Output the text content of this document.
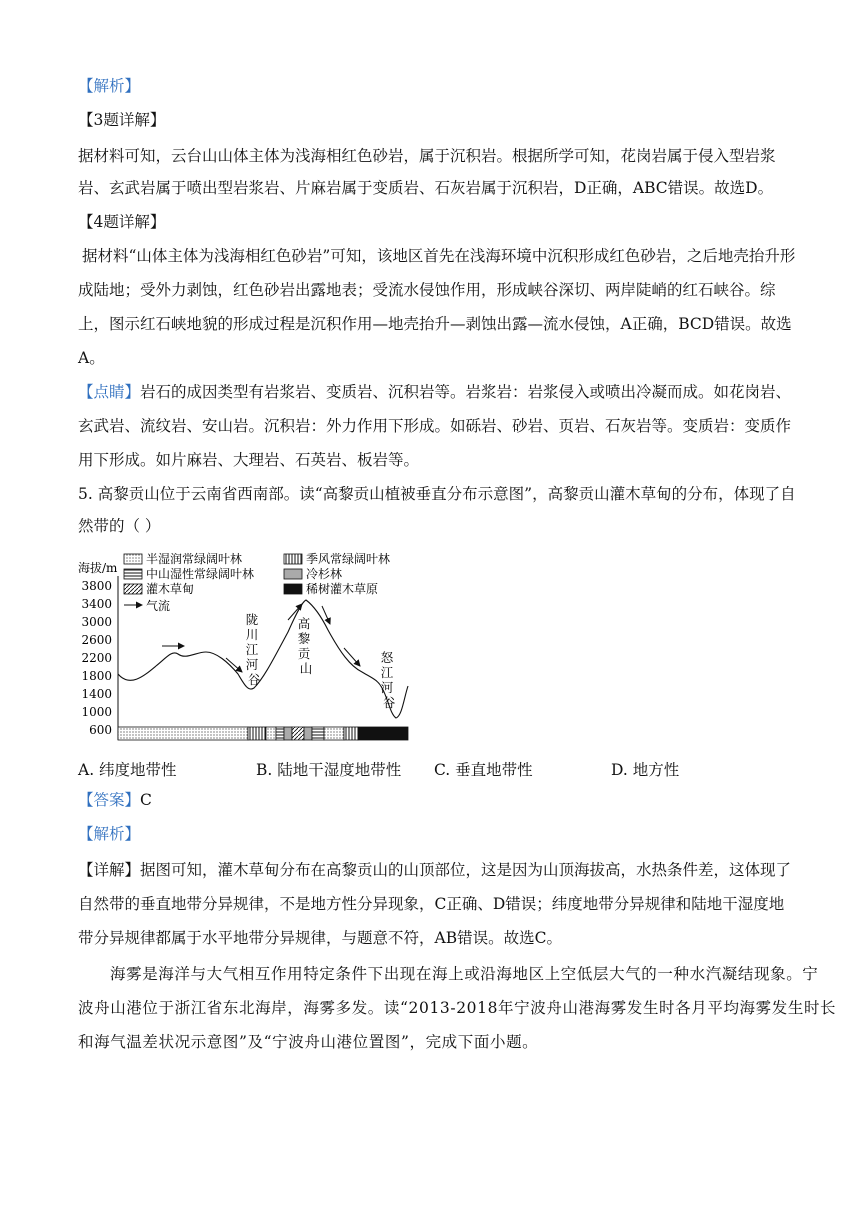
【解析】
【3题详解】
据材料可知，云台山山体主体为浅海相红色砂岩，属于沉积岩。根据所学可知，花岗岩属于侵入型岩浆
岩、玄武岩属于喷出型岩浆岩、片麻岩属于变质岩、石灰岩属于沉积岩，D正确，ABC错误。故选D。
【4题详解】
据材料“山体主体为浅海相红色砂岩”可知，该地区首先在浅海环境中沉积形成红色砂岩，之后地壳抬升形
成陆地；受外力剥蚀，红色砂岩出露地表；受流水侵蚀作用，形成峡谷深切、两岸陡峭的红石峡谷。综
上，图示红石峡地貌的形成过程是沉积作用—地壳抬升—剥蚀出露—流水侵蚀，A正确，BCD错误。故选
A。
【点睛】岩石的成因类型有岩浆岩、变质岩、沉积岩等。岩浆岩：岩浆侵入或喷出冷凝而成。如花岗岩、
玄武岩、流纹岩、安山岩。沉积岩：外力作用下形成。如砾岩、砂岩、页岩、石灰岩等。变质岩：变质作
用下形成。如片麻岩、大理岩、石英岩、板岩等。
5. 高黎贡山位于云南省西南部。读“高黎贡山植被垂直分布示意图”，高黎贡山灌木草甸的分布，体现了自
然带的（ ）
海拔/m
半湿润常绿阔叶林	季风常绿阔叶林
中山湿性常绿阔叶林	冷杉林
灌木草甸	稀树灌木草原
气流
3800
3400
3000
2600
2200
1800
1400
1000
600
陇 川 江 河 谷
高 黎 贡 山
怒 江 河 谷
A. 纬度地带性	B. 陆地干湿度地带性 C. 垂直地带性	D. 地方性
【答案】C
【解析】
【详解】据图可知，灌木草甸分布在高黎贡山的山顶部位，这是因为山顶海拔高，水热条件差，这体现了
自然带的垂直地带分异规律，不是地方性分异现象，C正确、D错误；纬度地带分异规律和陆地干湿度地
带分异规律都属于水平地带分异规律，与题意不符，AB错误。故选C。
海雾是海洋与大气相互作用特定条件下出现在海上或沿海地区上空低层大气的一种水汽凝结现象。宁
波舟山港位于浙江省东北海岸，海雾多发。读“2013-2018年宁波舟山港海雾发生时各月平均海雾发生时长
和海气温差状况示意图”及“宁波舟山港位置图”，完成下面小题。
